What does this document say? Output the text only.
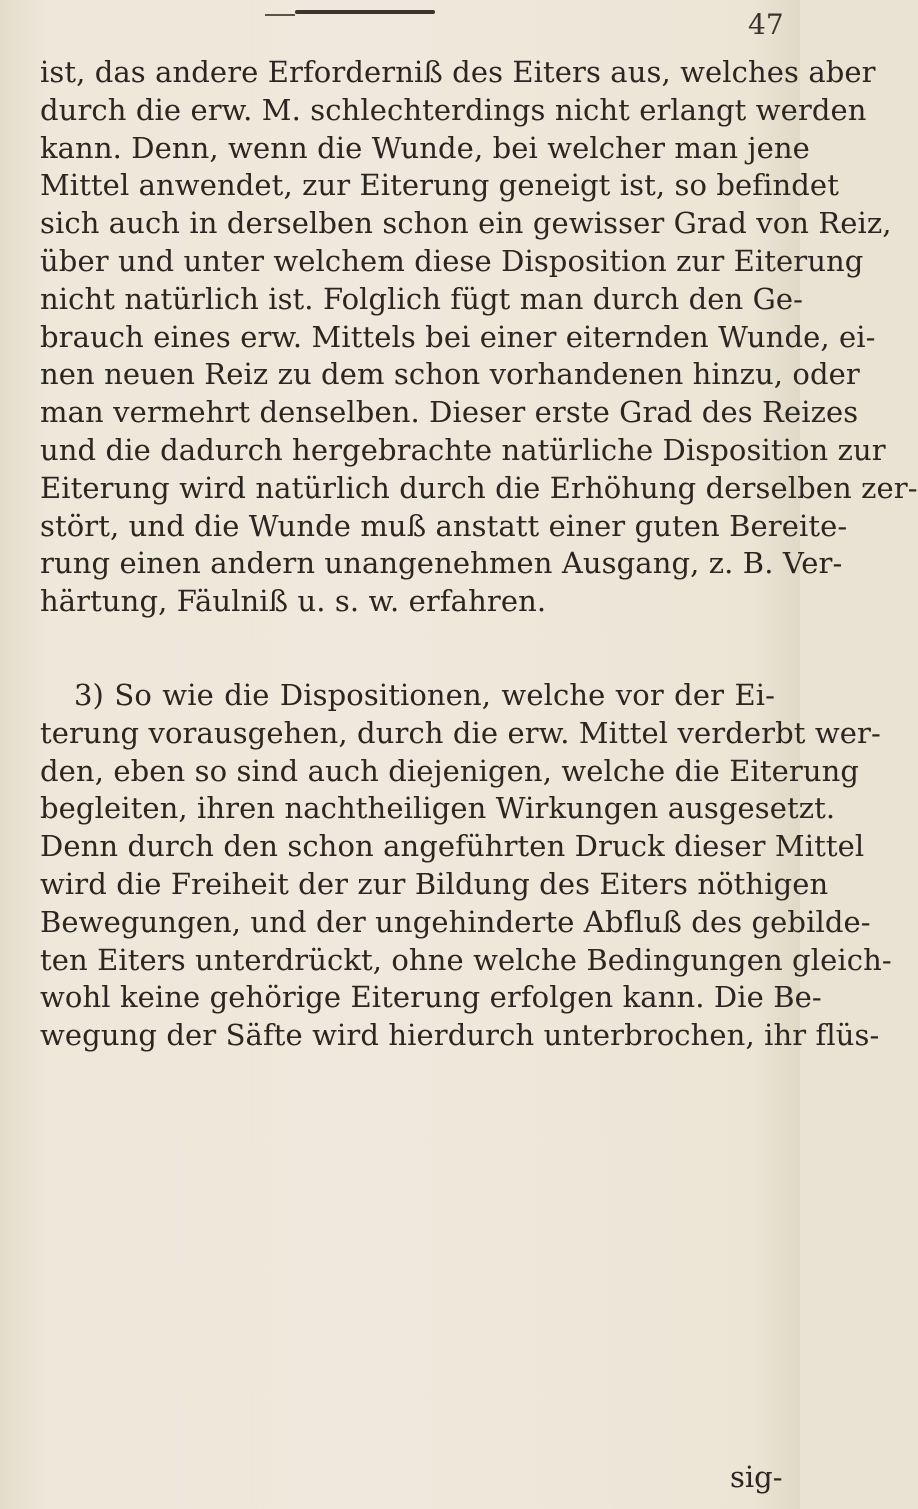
47
ist, das andere Erforderniß des Eiters aus, welches aber
durch die erw. M. schlechterdings nicht erlangt werden
kann. Denn, wenn die Wunde, bei welcher man jene
Mittel anwendet, zur Eiterung geneigt ist, so befindet
sich auch in derselben schon ein gewisser Grad von Reiz,
über und unter welchem diese Disposition zur Eiterung
nicht natürlich ist. Folglich fügt man durch den Ge-
brauch eines erw. Mittels bei einer eiternden Wunde, ei-
nen neuen Reiz zu dem schon vorhandenen hinzu, oder
man vermehrt denselben. Dieser erste Grad des Reizes
und die dadurch hergebrachte natürliche Disposition zur
Eiterung wird natürlich durch die Erhöhung derselben zer-
stört, und die Wunde muß anstatt einer guten Bereite-
rung einen andern unangenehmen Ausgang, z. B. Ver-
härtung, Fäulniß u. s. w. erfahren.
3) So wie die Dispositionen, welche vor der Ei-
terung vorausgehen, durch die erw. Mittel verderbt wer-
den, eben so sind auch diejenigen, welche die Eiterung
begleiten, ihren nachtheiligen Wirkungen ausgesetzt.
Denn durch den schon angeführten Druck dieser Mittel
wird die Freiheit der zur Bildung des Eiters nöthigen
Bewegungen, und der ungehinderte Abfluß des gebilde-
ten Eiters unterdrückt, ohne welche Bedingungen gleich-
wohl keine gehörige Eiterung erfolgen kann. Die Be-
wegung der Säfte wird hierdurch unterbrochen, ihr flüs-
sig-
